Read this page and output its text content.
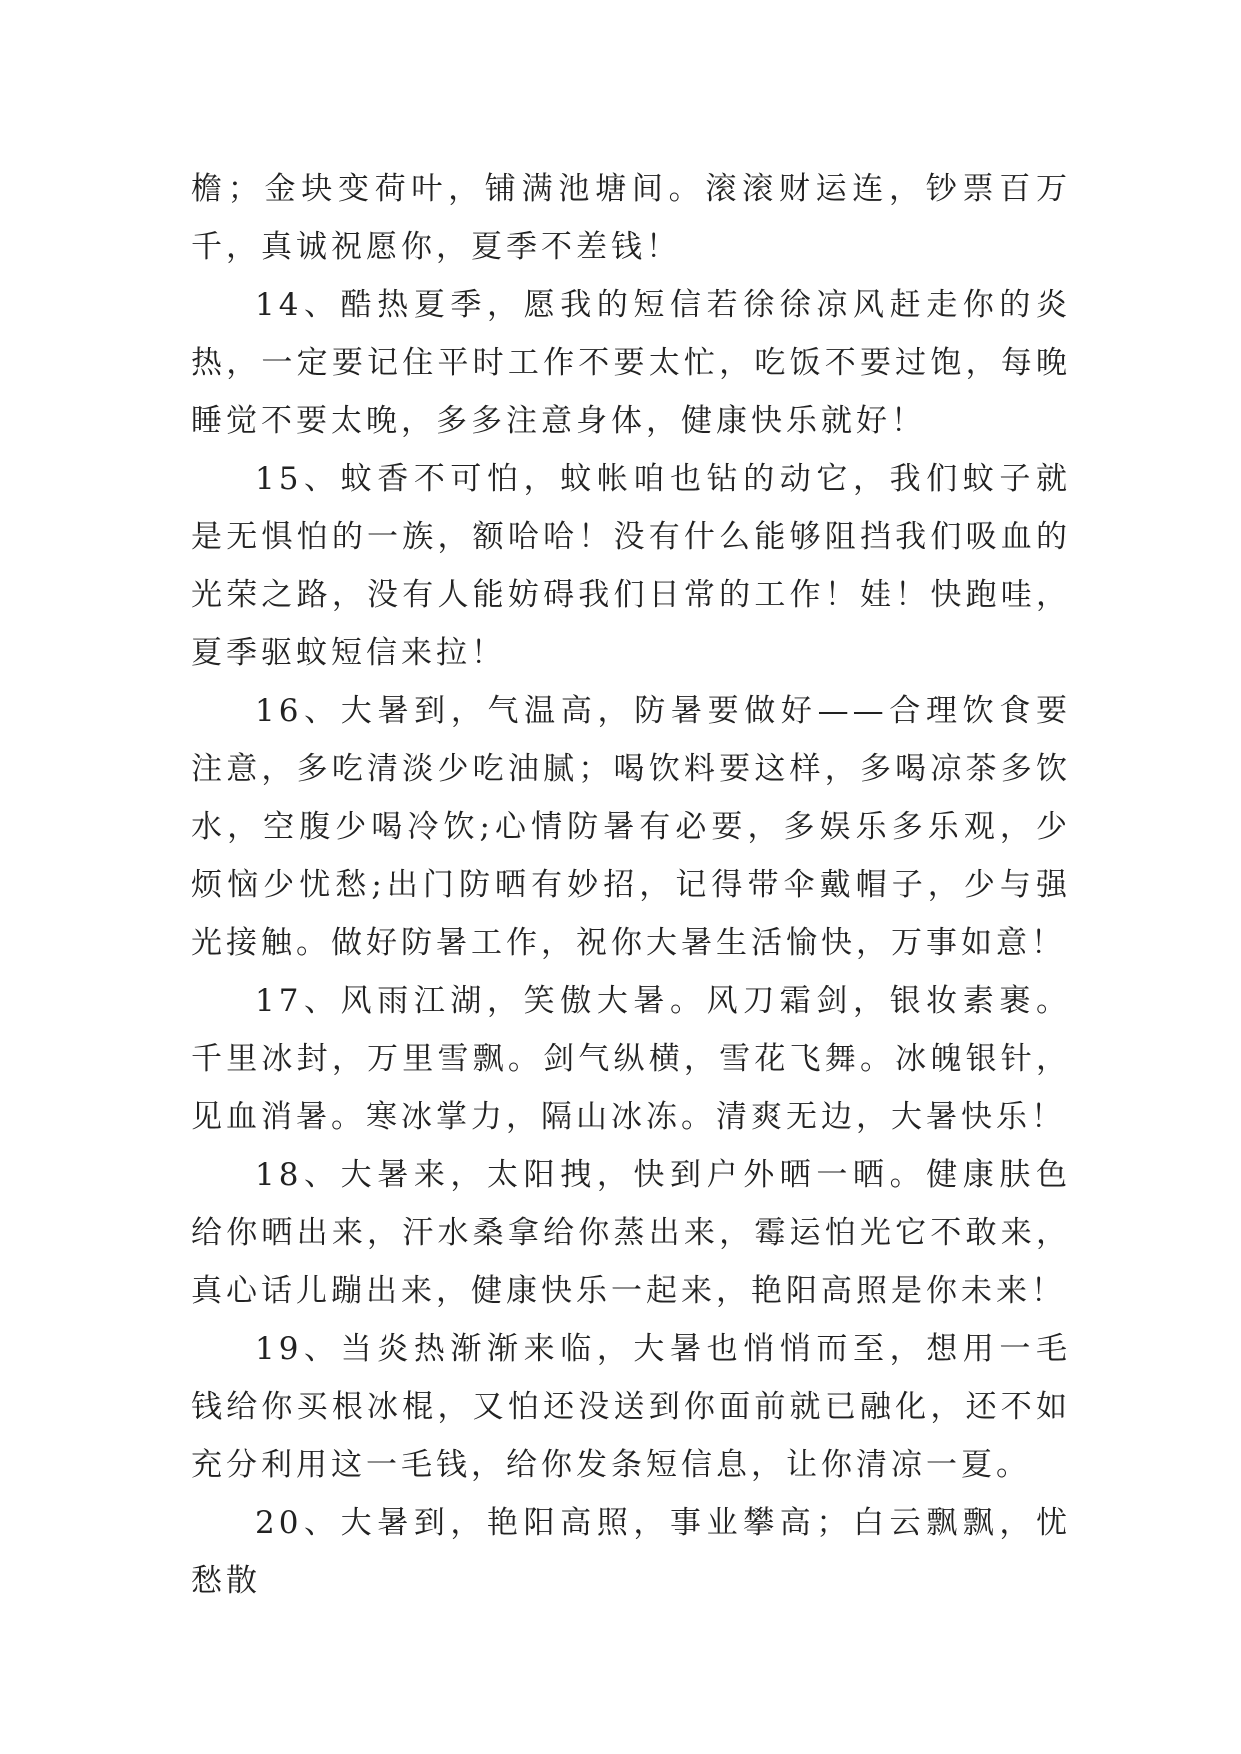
檐；金块变荷叶，铺满池塘间。滚滚财运连，钞票百万千，真诚祝愿你，夏季不差钱！

14、酷热夏季，愿我的短信若徐徐凉风赶走你的炎热，一定要记住平时工作不要太忙，吃饭不要过饱，每晚睡觉不要太晚，多多注意身体，健康快乐就好！

15、蚊香不可怕，蚊帐咱也钻的动它，我们蚊子就是无惧怕的一族，额哈哈！没有什么能够阻挡我们吸血的光荣之路，没有人能妨碍我们日常的工作！娃！快跑哇，夏季驱蚊短信来拉！

16、大暑到，气温高，防暑要做好——合理饮食要注意，多吃清淡少吃油腻；喝饮料要这样，多喝凉茶多饮水，空腹少喝冷饮;心情防暑有必要，多娱乐多乐观，少烦恼少忧愁;出门防晒有妙招，记得带伞戴帽子，少与强光接触。做好防暑工作，祝你大暑生活愉快，万事如意！

17、风雨江湖，笑傲大暑。风刀霜剑，银妆素裹。千里冰封，万里雪飘。剑气纵横，雪花飞舞。冰魄银针，见血消暑。寒冰掌力，隔山冰冻。清爽无边，大暑快乐！

18、大暑来，太阳拽，快到户外晒一晒。健康肤色给你晒出来，汗水桑拿给你蒸出来，霉运怕光它不敢来，真心话儿蹦出来，健康快乐一起来，艳阳高照是你未来！

19、当炎热渐渐来临，大暑也悄悄而至，想用一毛钱给你买根冰棍，又怕还没送到你面前就已融化，还不如充分利用这一毛钱，给你发条短信息，让你清凉一夏。

20、大暑到，艳阳高照，事业攀高；白云飘飘，忧愁散
